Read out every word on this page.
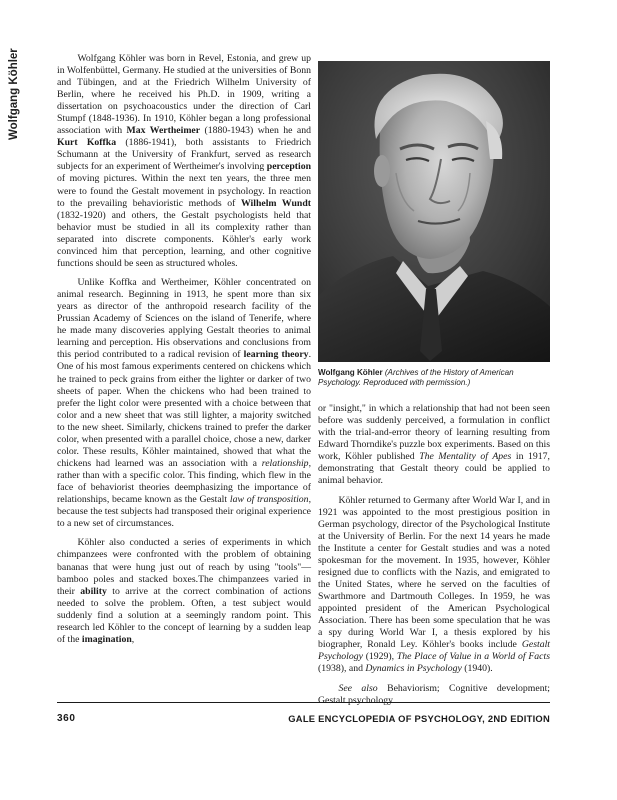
Wolfgang Köhler	Wolfgang Köhler was born in Revel, Estonia, and grew up in Wolfenbüttel, Germany. He studied at the universities of Bonn and Tübingen, and at the Friedrich Wilhelm University of Berlin, where he received his Ph.D. in 1909, writing a dissertation on psychoacoustics under the direction of Carl Stumpf (1848-1936). In 1910, Köhler began a long professional association with Max Wertheimer (1880-1943) when he and Kurt Koffka (1886-1941), both assistants to Friedrich Schumann at the University of Frankfurt, served as research subjects for an experiment of Wertheimer's involving perception of moving pictures. Within the next ten years, the three men were to found the Gestalt movement in psychology. In reaction to the prevailing behavioristic methods of Wilhelm Wundt (1832-1920) and others, the Gestalt psychologists held that behavior must be studied in all its complexity rather than separated into discrete components. Köhler's early work convinced him that perception, learning, and other cognitive functions should be seen as structured wholes.

Unlike Koffka and Wertheimer, Köhler concentrated on animal research. Beginning in 1913, he spent more than six years as director of the anthropoid research facility of the Prussian Academy of Sciences on the island of Tenerife, where he made many discoveries applying Gestalt theories to animal learning and perception. His observations and conclusions from this period contributed to a radical revision of learning theory. One of his most famous experiments centered on chickens which he trained to peck grains from either the lighter or darker of two sheets of paper. When the chickens who had been trained to prefer the light color were presented with a choice between that color and a new sheet that was still lighter, a majority switched to the new sheet. Similarly, chickens trained to prefer the darker color, when presented with a parallel choice, chose a new, darker color. These results, Köhler maintained, showed that what the chickens had learned was an association with a relationship, rather than with a specific color. This finding, which flew in the face of behaviorist theories deemphasizing the importance of relationships, became known as the Gestalt law of transposition, because the test subjects had transposed their original experience to a new set of circumstances.

Köhler also conducted a series of experiments in which chimpanzees were confronted with the problem of obtaining bananas that were hung just out of reach by using "tools"—bamboo poles and stacked boxes.The chimpanzees varied in their ability to arrive at the correct combination of actions needed to solve the problem. Often, a test subject would suddenly find a solution at a seemingly random point. This research led Köhler to the concept of learning by a sudden leap of the imagination,

Wolfgang Köhler (Archives of the History of American Psychology. Reproduced with permission.)

or "insight," in which a relationship that had not been seen before was suddenly perceived, a formulation in conflict with the trial-and-error theory of learning resulting from Edward Thorndike's puzzle box experiments. Based on this work, Köhler published The Mentality of Apes in 1917, demonstrating that Gestalt theory could be applied to animal behavior.

Köhler returned to Germany after World War I, and in 1921 was appointed to the most prestigious position in German psychology, director of the Psychological Institute at the University of Berlin. For the next 14 years he made the Institute a center for Gestalt studies and was a noted spokesman for the movement. In 1935, however, Köhler resigned due to conflicts with the Nazis, and emigrated to the United States, where he served on the faculties of Swarthmore and Dartmouth Colleges. In 1959, he was appointed president of the American Psychological Association. There has been some speculation that he was a spy during World War I, a thesis explored by his biographer, Ronald Ley. Köhler's books include Gestalt Psychology (1929), The Place of Value in a World of Facts (1938), and Dynamics in Psychology (1940).

See also Behaviorism; Cognitive development; Gestalt psychology

360	GALE ENCYCLOPEDIA OF PSYCHOLOGY, 2ND EDITION
